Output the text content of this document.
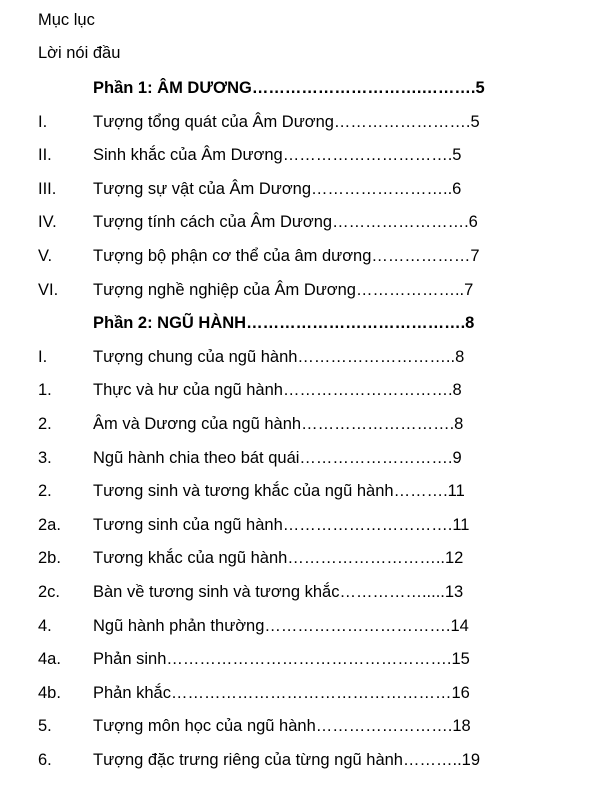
Mục lục
Lời nói đầu
Phần 1: ÂM DƯƠNG………………………….……….5
I.	Tượng tổng quát của Âm Dương…………………….5
II. Sinh khắc của Âm Dương………………………….5
III. Tượng sự vật của Âm Dương……………………..6
IV. Tượng tính cách của Âm Dương…………………….6
V. Tượng bộ phận cơ thể của âm dương………………7
VI. Tượng nghề nghiệp của Âm Dương………………..7
Phần 2: NGŨ HÀNH………………………………….8
I.	Tượng chung của ngũ hành………………………..8
1. Thực và hư của ngũ hành………………………….8
2. Âm và Dương của ngũ hành……………………….8
3. Ngũ hành chia theo bát quái……………………….9
2. Tương sinh và tương khắc của ngũ hành……….11
2a. Tương sinh của ngũ hành………………………….11
2b. Tương khắc của ngũ hành………………………..12
2c. Bàn về tương sinh và tương khắc…………….....13
4. Ngũ hành phản thường…………………………….14
4a. Phản sinh…………………………………………….15
4b. Phản khắc……………………………………………16
5. Tượng môn học của ngũ hành…………………….18
6. Tượng đặc trưng riêng của từng ngũ hành………..19
